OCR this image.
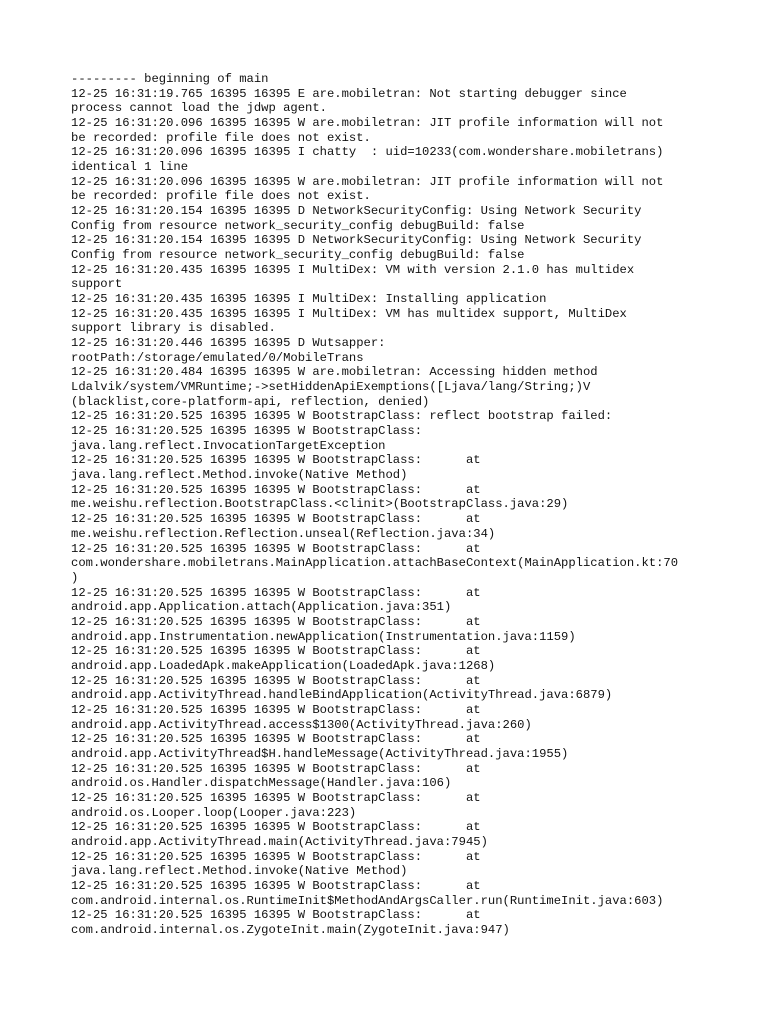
--------- beginning of main
12-25 16:31:19.765 16395 16395 E are.mobiletran: Not starting debugger since
process cannot load the jdwp agent.
12-25 16:31:20.096 16395 16395 W are.mobiletran: JIT profile information will not
be recorded: profile file does not exist.
12-25 16:31:20.096 16395 16395 I chatty  : uid=10233(com.wondershare.mobiletrans)
identical 1 line
12-25 16:31:20.096 16395 16395 W are.mobiletran: JIT profile information will not
be recorded: profile file does not exist.
12-25 16:31:20.154 16395 16395 D NetworkSecurityConfig: Using Network Security
Config from resource network_security_config debugBuild: false
12-25 16:31:20.154 16395 16395 D NetworkSecurityConfig: Using Network Security
Config from resource network_security_config debugBuild: false
12-25 16:31:20.435 16395 16395 I MultiDex: VM with version 2.1.0 has multidex
support
12-25 16:31:20.435 16395 16395 I MultiDex: Installing application
12-25 16:31:20.435 16395 16395 I MultiDex: VM has multidex support, MultiDex
support library is disabled.
12-25 16:31:20.446 16395 16395 D Wutsapper:
rootPath:/storage/emulated/0/MobileTrans
12-25 16:31:20.484 16395 16395 W are.mobiletran: Accessing hidden method
Ldalvik/system/VMRuntime;->setHiddenApiExemptions([Ljava/lang/String;)V
(blacklist,core-platform-api, reflection, denied)
12-25 16:31:20.525 16395 16395 W BootstrapClass: reflect bootstrap failed:
12-25 16:31:20.525 16395 16395 W BootstrapClass:
java.lang.reflect.InvocationTargetException
12-25 16:31:20.525 16395 16395 W BootstrapClass:      at
java.lang.reflect.Method.invoke(Native Method)
12-25 16:31:20.525 16395 16395 W BootstrapClass:      at
me.weishu.reflection.BootstrapClass.<clinit>(BootstrapClass.java:29)
12-25 16:31:20.525 16395 16395 W BootstrapClass:      at
me.weishu.reflection.Reflection.unseal(Reflection.java:34)
12-25 16:31:20.525 16395 16395 W BootstrapClass:      at
com.wondershare.mobiletrans.MainApplication.attachBaseContext(MainApplication.kt:70
)
12-25 16:31:20.525 16395 16395 W BootstrapClass:      at
android.app.Application.attach(Application.java:351)
12-25 16:31:20.525 16395 16395 W BootstrapClass:      at
android.app.Instrumentation.newApplication(Instrumentation.java:1159)
12-25 16:31:20.525 16395 16395 W BootstrapClass:      at
android.app.LoadedApk.makeApplication(LoadedApk.java:1268)
12-25 16:31:20.525 16395 16395 W BootstrapClass:      at
android.app.ActivityThread.handleBindApplication(ActivityThread.java:6879)
12-25 16:31:20.525 16395 16395 W BootstrapClass:      at
android.app.ActivityThread.access$1300(ActivityThread.java:260)
12-25 16:31:20.525 16395 16395 W BootstrapClass:      at
android.app.ActivityThread$H.handleMessage(ActivityThread.java:1955)
12-25 16:31:20.525 16395 16395 W BootstrapClass:      at
android.os.Handler.dispatchMessage(Handler.java:106)
12-25 16:31:20.525 16395 16395 W BootstrapClass:      at
android.os.Looper.loop(Looper.java:223)
12-25 16:31:20.525 16395 16395 W BootstrapClass:      at
android.app.ActivityThread.main(ActivityThread.java:7945)
12-25 16:31:20.525 16395 16395 W BootstrapClass:      at
java.lang.reflect.Method.invoke(Native Method)
12-25 16:31:20.525 16395 16395 W BootstrapClass:      at
com.android.internal.os.RuntimeInit$MethodAndArgsCaller.run(RuntimeInit.java:603)
12-25 16:31:20.525 16395 16395 W BootstrapClass:      at
com.android.internal.os.ZygoteInit.main(ZygoteInit.java:947)
